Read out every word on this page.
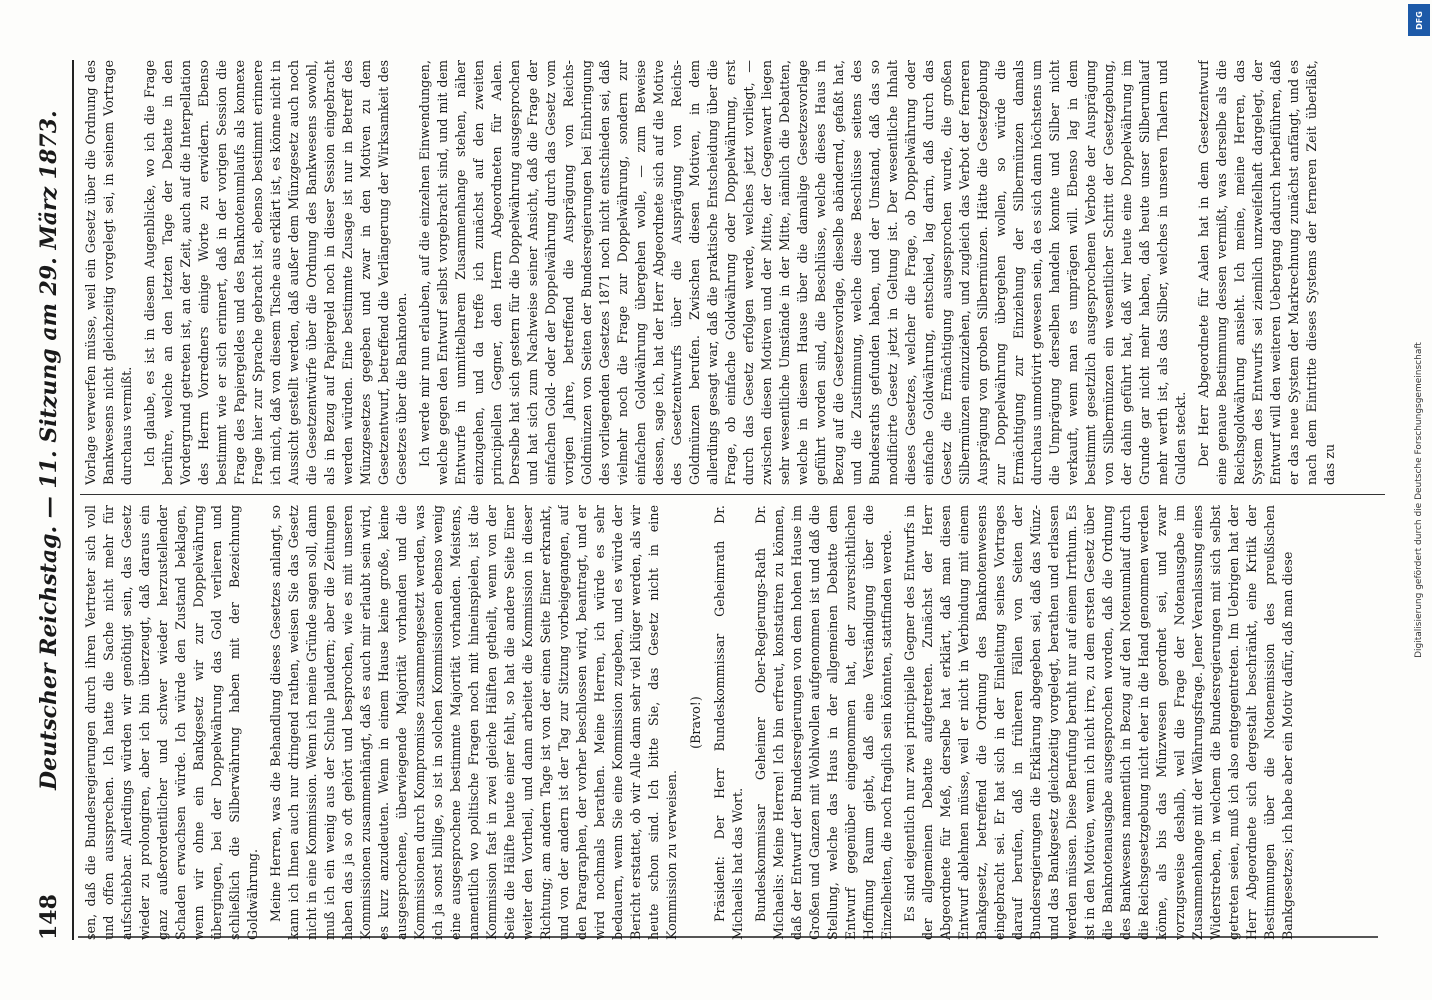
148
Deutscher Reichstag. — 11. Sitzung am 29. März 1873. sen, daß die Bundesregierungen durch ihren Vertreter sich voll und offen aussprechen. Ich hatte die Sache nicht mehr für aufschiebbar. Allerdings würden wir genöthigt sein, das Gesetz wieder zu prolongiren, aber ich bin überzeugt, daß daraus ein ganz außerordentlicher und schwer wieder herzustellender Schaden erwachsen würde. Ich würde den Zustand beklagen, wenn wir ohne ein Bankgesetz wir zur Doppelwährung übergingen, bei der Doppelwährung das Gold verlieren und schließlich die Silberwährung haben mit der Bezeichnung Goldwährung. Meine Herren, was die Behandlung dieses Gesetzes anlangt, so kann ich Ihnen auch nur dringend rathen, weisen Sie das Gesetz nicht in eine Kommission. Wenn ich meine Gründe sagen soll, dann muß ich ein wenig aus der Schule plaudern; aber die Zeitungen haben das ja so oft gehört und besprochen, wie es mit unseren Kommissionen zusammenhängt, daß es auch mir erlaubt sein wird, es kurz anzudeuten. Wenn in einem Hause keine große, keine ausgesprochene, überwiegende Majorität vorhanden und die Kommissionen durch Kompromisse zusammengesetzt werden, was ich ja sonst billige, so ist in solchen Kommissionen ebenso wenig eine ausgesprochene bestimmte Majorität vorhanden. Meistens, namentlich wo politische Fragen noch mit hineinspielen, ist die Kommission fast in zwei gleiche Hälften getheilt, wenn von der Seite die Hälfte heute einer fehlt, so hat die andere Seite Einer weiter den Vortheil, und dann arbeitet die Kommission in dieser Richtung; am andern Tage ist von der einen Seite Einer erkrankt, und von der andern ist der Tag zur Sitzung vorbeigegangen, auf den Paragraphen, der vorher beschlossen wird, beantragt, und er wird nochmals berathen. Meine Herren, ich würde es sehr bedauern, wenn Sie eine Kommission zugeben, und es würde der Bericht erstattet, ob wir Alle dann sehr viel klüger werden, als wir heute schon sind. Ich bitte Sie, das Gesetz nicht in eine Kommission zu verweisen.

(Bravo!) Präsident: Der Herr Bundeskommissar Geheimrath Dr. Michaelis hat das Wort. Bundeskommissar Geheimer Ober-Regierungs-Rath Dr. Michaelis: Meine Herren! Ich bin erfreut, konstatiren zu können, daß der Entwurf der Bundesregierungen von dem hohen Hause im Großen und Ganzen mit Wohlwollen aufgenommen ist und daß die Stellung, welche das Haus in der allgemeinen Debatte dem Entwurf gegenüber eingenommen hat, der zuversichtlichen Hoffnung Raum giebt, daß eine Verständigung über die Einzelheiten, die noch fraglich sein könnten, stattfinden werde. Es sind eigentlich nur zwei principielle Gegner des Entwurfs in der allgemeinen Debatte aufgetreten. Zunächst der Herr Abgeordnete für Meß, derselbe hat erklärt, daß man diesen Entwurf ablehnen müsse, weil er nicht in Verbindung mit einem Bankgesetz, betreffend die Ordnung des Banknotenwesens eingebracht sei. Er hat sich in der Einleitung seines Vortrages darauf berufen, daß in früheren Fällen von Seiten der Bundesregierungen die Erklärung abgegeben sei, daß das Münz- und das Bankgesetz gleichzeitig vorgelegt, berathen und erlassen werden müssen. Diese Berufung beruht nur auf einem Irrthum. Es ist in den Motiven, wenn ich nicht irre, zu dem ersten Gesetz über die Banknotenausgabe ausgesprochen worden, daß die Ordnung des Bankwesens namentlich in Bezug auf den Notenumlauf durch die Reichsgesetzgebung nicht eher in die Hand genommen werden könne, als bis das Münzwesen geordnet sei, und zwar vorzugsweise deshalb, weil die Frage der Notenausgabe im Zusammenhange mit der Währungsfrage. Jener Veranlassung eines Widerstreben, in welchem die Bundesregierungen mit sich selbst getreten seien, muß ich also entgegentreten. Im Uebrigen hat der Herr Abgeordnete sich dergestalt beschränkt, eine Kritik der Bestimmungen über die Notenemission des preußischen Bankgesetzes; ich habe aber ein Motiv dafür, daß man diese

Vorlage verwerfen müsse, weil ein Gesetz über die Ordnung des Bankwesens nicht gleichzeitig vorgelegt sei, in seinem Vortrage durchaus vermißt. Ich glaube, es ist in diesem Augenblicke, wo ich die Frage berühre, welche an den letzten Tage der Debatte in den Vordergrund getreten ist, an der Zeit, auch auf die Interpellation des Herrn Vorredners einige Worte zu erwidern. Ebenso bestimmt wie er sich erinnert, daß in der vorigen Session die Frage des Papiergeldes und des Banknotenumlaufs als konnexe Frage hier zur Sprache gebracht ist, ebenso bestimmt erinnere ich mich, daß von diesem Tische aus erklärt ist, es könne nicht in Aussicht gestellt werden, daß außer dem Münzgesetz auch noch die Gesetzentwürfe über die Ordnung des Bankwesens sowohl, als in Bezug auf Papiergeld noch in dieser Session eingebracht werden würden. Eine bestimmte Zusage ist nur in Betreff des Münzgesetzes gegeben und zwar in den Motiven zu dem Gesetzentwurf, betreffend die Verlängerung der Wirksamkeit des Gesetzes über die Banknoten. Ich werde mir nun erlauben, auf die einzelnen Einwendungen, welche gegen den Entwurf selbst vorgebracht sind, und mit dem Entwurfe in unmittelbarem Zusammenhange stehen, näher einzugehen, und da treffe ich zunächst auf den zweiten principiellen Gegner, den Herrn Abgeordneten für Aalen. Derselbe hat sich gestern für die Doppelwährung ausgesprochen und hat sich zum Nachweise seiner Ansicht, daß die Frage der einfachen Gold- oder der Doppelwährung durch das Gesetz vom vorigen Jahre, betreffend die Ausprägung von Reichs-Goldmünzen von Seiten der Bundesregierungen bei Einbringung des vorliegenden Gesetzes 1871 noch nicht entschieden sei, daß vielmehr noch die Frage zur Doppelwährung, sondern zur einfachen Goldwährung übergehen wolle, — zum Beweise dessen, sage ich, hat der Herr Abgeordnete sich auf die Motive des Gesetzentwurfs über die Ausprägung von Reichs-Goldmünzen berufen. Zwischen diesen Motiven, in dem allerdings gesagt war, daß die praktische Entscheidung über die Frage, ob einfache Goldwährung oder Doppelwährung, erst durch das Gesetz erfolgen werde, welches jetzt vorliegt, — zwischen diesen Motiven und der Mitte, der Gegenwart liegen sehr wesentliche Umstände in der Mitte, nämlich die Debatten, welche in diesem Hause über die damalige Gesetzesvorlage geführt worden sind, die Beschlüsse, welche dieses Haus in Bezug auf die Gesetzesvorlage, dieselbe abändernd, gefaßt hat, und die Zustimmung, welche diese Beschlüsse seitens des Bundesraths gefunden haben, und der Umstand, daß das so modificirte Gesetz jetzt in Geltung ist. Der wesentliche Inhalt dieses Gesetzes, welcher die Frage, ob Doppelwährung oder einfache Goldwährung, entschied, lag darin, daß durch das Gesetz die Ermächtigung ausgesprochen wurde, die großen Silbermünzen einzuziehen, und zugleich das Verbot der ferneren Ausprägung von groben Silbermünzen. Hätte die Gesetzgebung zur Doppelwährung übergehen wollen, so würde die Ermächtigung zur Einziehung der Silbermünzen damals durchaus unmotivirt gewesen sein, da es sich dann höchstens um die Umprägung derselben handeln konnte und Silber nicht verkauft, wenn man es umprägen will. Ebenso lag in dem bestimmt gesetzlich ausgesprochenen Verbote der Ausprägung von Silbermünzen ein wesentlicher Schritt der Gesetzgebung, der dahin geführt hat, daß wir heute eine Doppelwährung im Grunde gar nicht mehr haben, daß heute unser Silberumlauf mehr werth ist, als das Silber, welches in unseren Thalern und Gulden steckt. Der Herr Abgeordnete für Aalen hat in dem Gesetzentwurf eine genaue Bestimmung dessen vermißt, was derselbe als die Reichsgoldwährung ansieht. Ich meine, meine Herren, das System des Entwurfs sei ziemlich unzweifelhaft dargelegt, der Entwurf will den weiteren Uebergang dadurch herbeiführen, daß er das neue System der Markrechnung zunächst anfängt, und es nach dem Eintritte dieses Systems der ferneren Zeit überläßt, das zu

DFG
Digitalisierung gefördert durch die Deutsche Forschungsgemeinschaft
